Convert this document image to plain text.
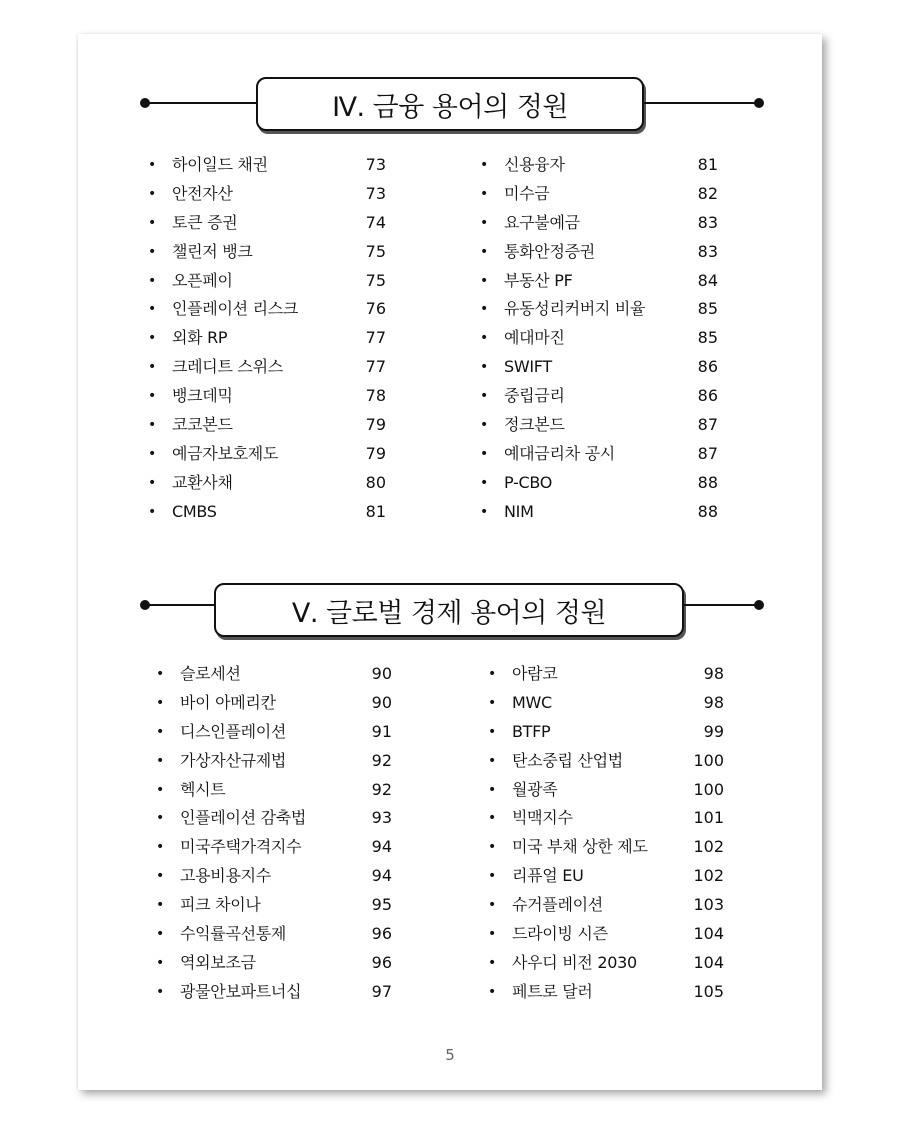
Ⅳ. 금융 용어의 정원
• 하이일드 채권	73
• 안전자산	73
• 토큰 증권	74
• 챌린저 뱅크	75
• 오픈페이	75
• 인플레이션 리스크	76
• 외화 RP	77
• 크레디트 스위스	77
• 뱅크데믹	78
• 코코본드	79
• 예금자보호제도	79
• 교환사채	80
• CMBS	81
• 신용융자	81
• 미수금	82
• 요구불예금	83
• 통화안정증권	83
• 부동산 PF	84
• 유동성리커버지 비율	85
• 예대마진	85
• SWIFT	86
• 중립금리	86
• 정크본드	87
• 예대금리차 공시	87
• P-CBO	88
• NIM	88
Ⅴ. 글로벌 경제 용어의 정원
• 슬로세션	90
• 바이 아메리칸	90
• 디스인플레이션	91
• 가상자산규제법	92
• 헥시트	92
• 인플레이션 감축법	93
• 미국주택가격지수	94
• 고용비용지수	94
• 피크 차이나	95
• 수익률곡선통제	96
• 역외보조금	96
• 광물안보파트너십	97
• 아람코	98
• MWC	98
• BTFP	99
• 탄소중립 산업법	100
• 월광족	100
• 빅맥지수	101
• 미국 부채 상한 제도	102
• 리퓨얼 EU	102
• 슈거플레이션	103
• 드라이빙 시즌	104
• 사우디 비전 2030	104
• 페트로 달러	105
5
